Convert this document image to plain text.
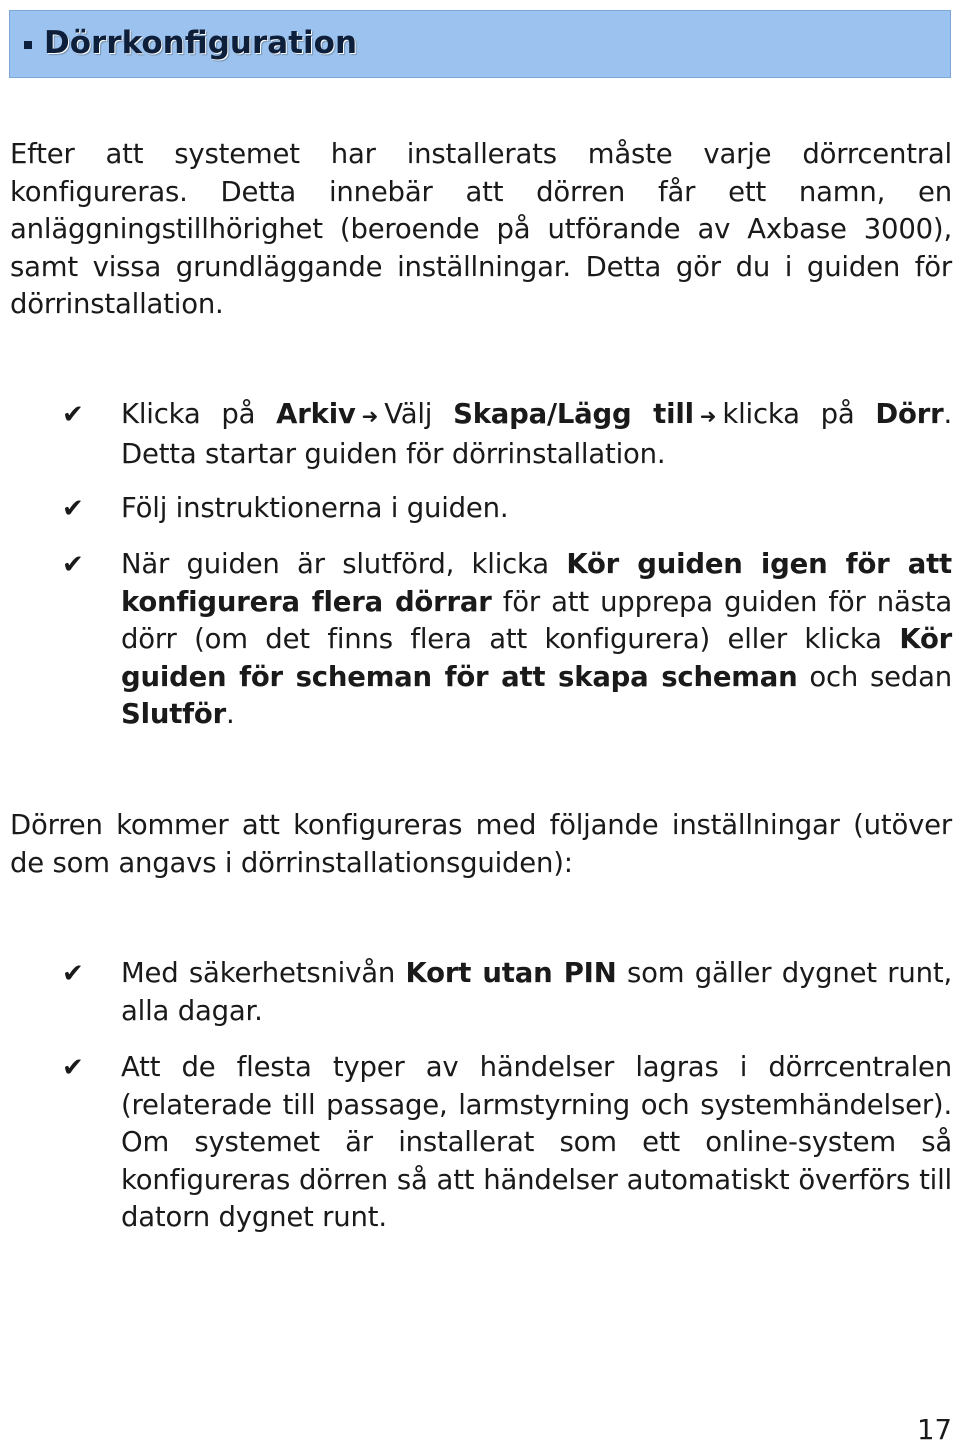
Dörrkonfiguration
Efter att systemet har installerats måste varje dörrcentral konfigureras. Detta innebär att dörren får ett namn, en anläggningstillhörighet (beroende på utförande av Axbase 3000), samt vissa grundläggande inställningar. Detta gör du i guiden för dörrinstallation.
✔ Klicka på Arkiv ➜ Välj Skapa/Lägg till ➜ klicka på Dörr. Detta startar guiden för dörrinstallation.
✔ Följ instruktionerna i guiden.
✔ När guiden är slutförd, klicka Kör guiden igen för att konfigurera flera dörrar för att upprepa guiden för nästa dörr (om det finns flera att konfigurera) eller klicka Kör guiden för scheman för att skapa scheman och sedan Slutför.
Dörren kommer att konfigureras med följande inställningar (utöver de som angavs i dörrinstallationsguiden):
✔ Med säkerhetsnivån Kort utan PIN som gäller dygnet runt, alla dagar.
✔ Att de flesta typer av händelser lagras i dörrcentralen (relaterade till passage, larmstyrning och systemhändelser). Om systemet är installerat som ett online-system så konfigureras dörren så att händelser automatiskt överförs till datorn dygnet runt.
17
